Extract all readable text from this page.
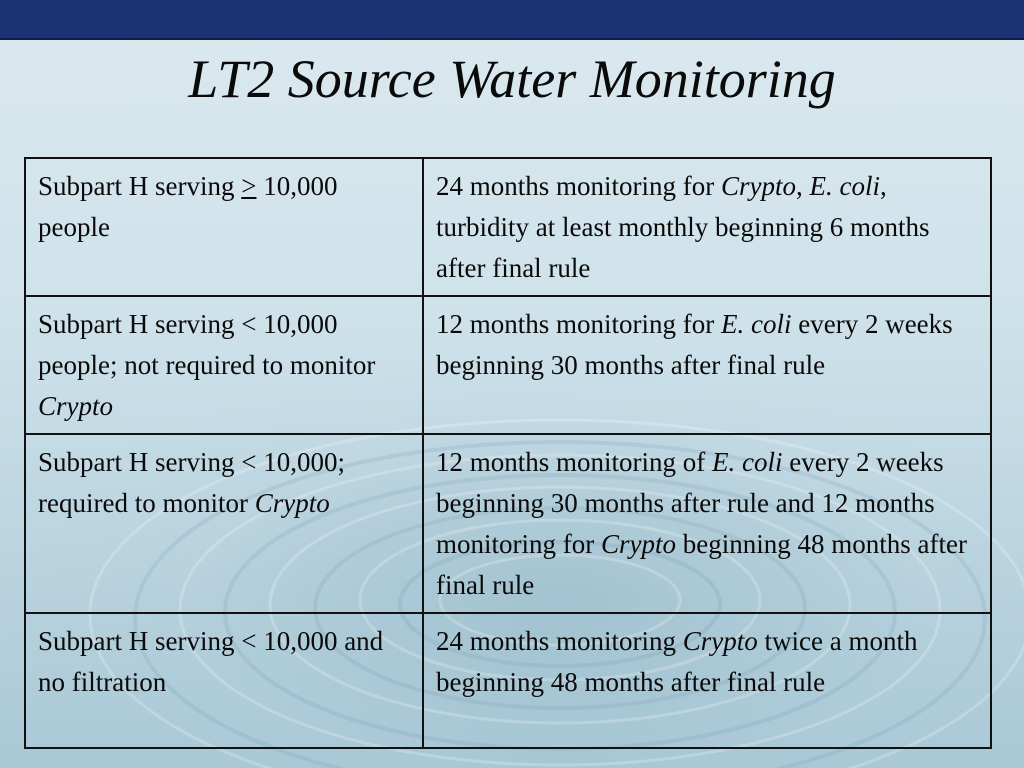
LT2 Source Water Monitoring
Subpart H serving ≥ 10,000 people	24 months monitoring for Crypto, E. coli, turbidity at least monthly beginning 6 months after final rule
Subpart H serving < 10,000 people; not required to monitor Crypto	12 months monitoring for E. coli every 2 weeks beginning 30 months after final rule
Subpart H serving < 10,000; required to monitor Crypto	12 months monitoring of E. coli every 2 weeks beginning 30 months after rule and 12 months monitoring for Crypto beginning 48 months after final rule
Subpart H serving < 10,000 and no filtration	24 months monitoring Crypto twice a month beginning 48 months after final rule
